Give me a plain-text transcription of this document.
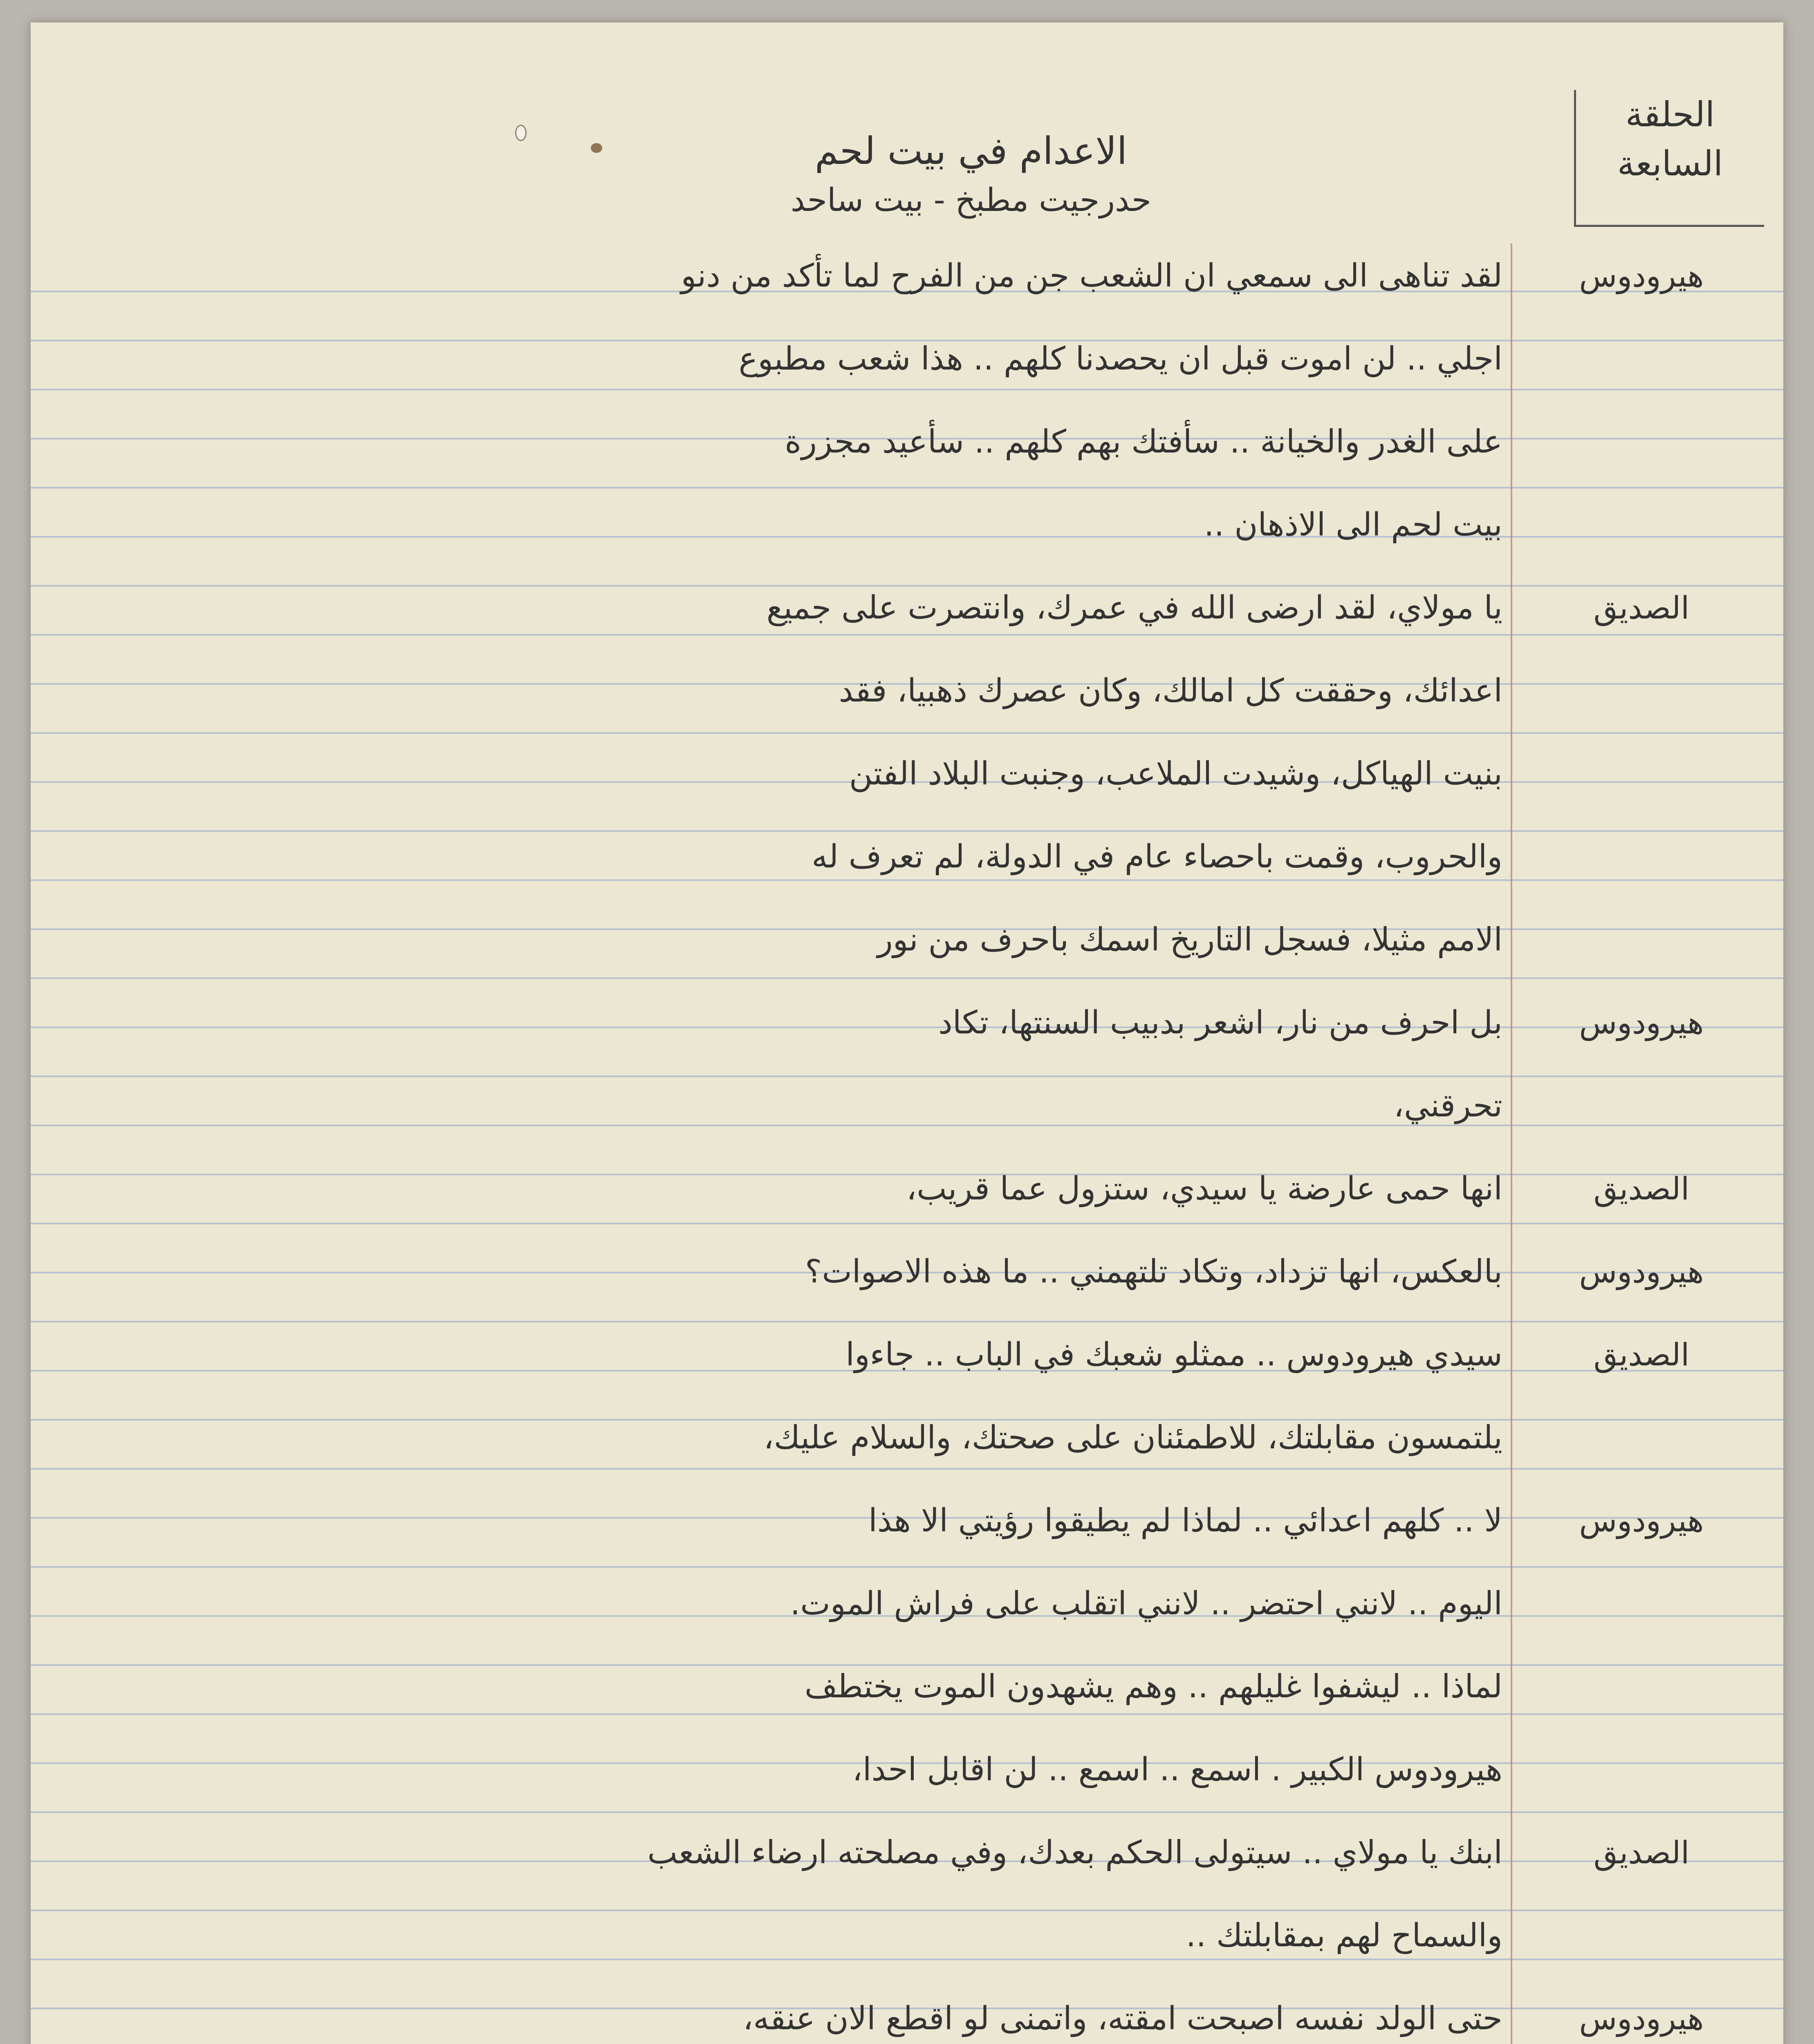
الحلقة
السابعة
الاعدام في بيت لحم
حدرجيت مطبخ - بيت ساحد
هيرودوس
لقد تناهى الى سمعي ان الشعب جن من الفرح لما تأكد من دنو
اجلي .. لن اموت قبل ان يحصدنا كلهم .. هذا شعب مطبوع
على الغدر والخيانة .. سأفتك بهم كلهم .. سأعيد مجزرة
بيت لحم الى الاذهان ..
الصديق
يا مولاي، لقد ارضى الله في عمرك، وانتصرت على جميع
اعدائك، وحققت كل امالك، وكان عصرك ذهبيا، فقد
بنيت الهياكل، وشيدت الملاعب، وجنبت البلاد الفتن
والحروب، وقمت باحصاء عام في الدولة، لم تعرف له
الامم مثيلا، فسجل التاريخ اسمك باحرف من نور
هيرودوس
بل احرف من نار، اشعر بدبيب السنتها، تكاد
تحرقني،
الصديق
انها حمى عارضة يا سيدي، ستزول عما قريب،
هيرودوس
بالعكس، انها تزداد، وتكاد تلتهمني .. ما هذه الاصوات؟
الصديق
سيدي هيرودوس .. ممثلو شعبك في الباب .. جاءوا
يلتمسون مقابلتك، للاطمئنان على صحتك، والسلام عليك،
هيرودوس
لا .. كلهم اعدائي .. لماذا لم يطيقوا رؤيتي الا هذا
اليوم .. لانني احتضر .. لانني اتقلب على فراش الموت.
لماذا .. ليشفوا غليلهم .. وهم يشهدون الموت يختطف
هيرودوس الكبير . اسمع .. اسمع .. لن اقابل احدا،
الصديق
ابنك يا مولاي .. سيتولى الحكم بعدك، وفي مصلحته ارضاء الشعب
والسماح لهم بمقابلتك ..
هيرودوس
حتى الولد نفسه اصبحت امقته، واتمنى لو اقطع الان عنقه،
